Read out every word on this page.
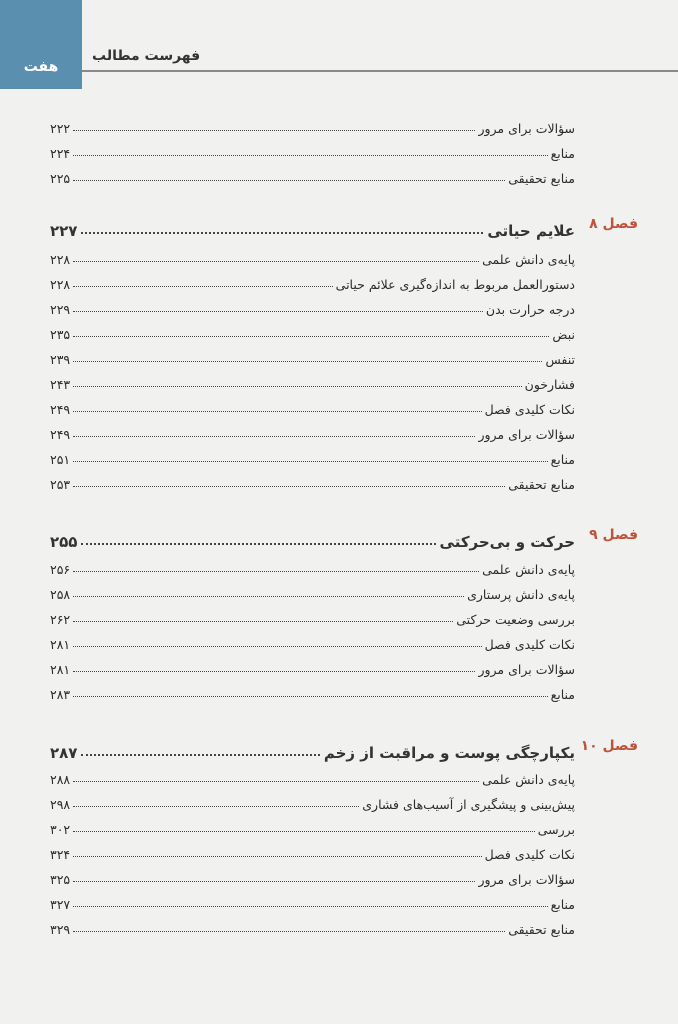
هفت
فهرست مطالب
سؤالات برای مرور
۲۲۲
منابع
۲۲۴
منابع تحقیقی
۲۲۵
فصل ۸
علایم حیاتی
۲۲۷
پایه‌ی دانش علمی
۲۲۸
دستورالعمل مربوط به اندازه‌گیری علائم حیاتی
۲۲۸
درجه حرارت بدن
۲۲۹
نبض
۲۳۵
تنفس
۲۳۹
فشارخون
۲۴۳
نکات کلیدی فصل
۲۴۹
سؤالات برای مرور
۲۴۹
منابع
۲۵۱
منابع تحقیقی
۲۵۳
فصل ۹
حرکت و بی‌حرکتی
۲۵۵
پایه‌ی دانش علمی
۲۵۶
پایه‌ی دانش پرستاری
۲۵۸
بررسی وضعیت حرکتی
۲۶۲
نکات کلیدی فصل
۲۸۱
سؤالات برای مرور
۲۸۱
منابع
۲۸۳
فصل ۱۰
یکپارچگی پوست و مراقبت از زخم
۲۸۷
پایه‌ی دانش علمی
۲۸۸
پیش‌بینی و پیشگیری از آسیب‌های فشاری
۲۹۸
بررسی
۳۰۲
نکات کلیدی فصل
۳۲۴
سؤالات برای مرور
۳۲۵
منابع
۳۲۷
منابع تحقیقی
۳۲۹
